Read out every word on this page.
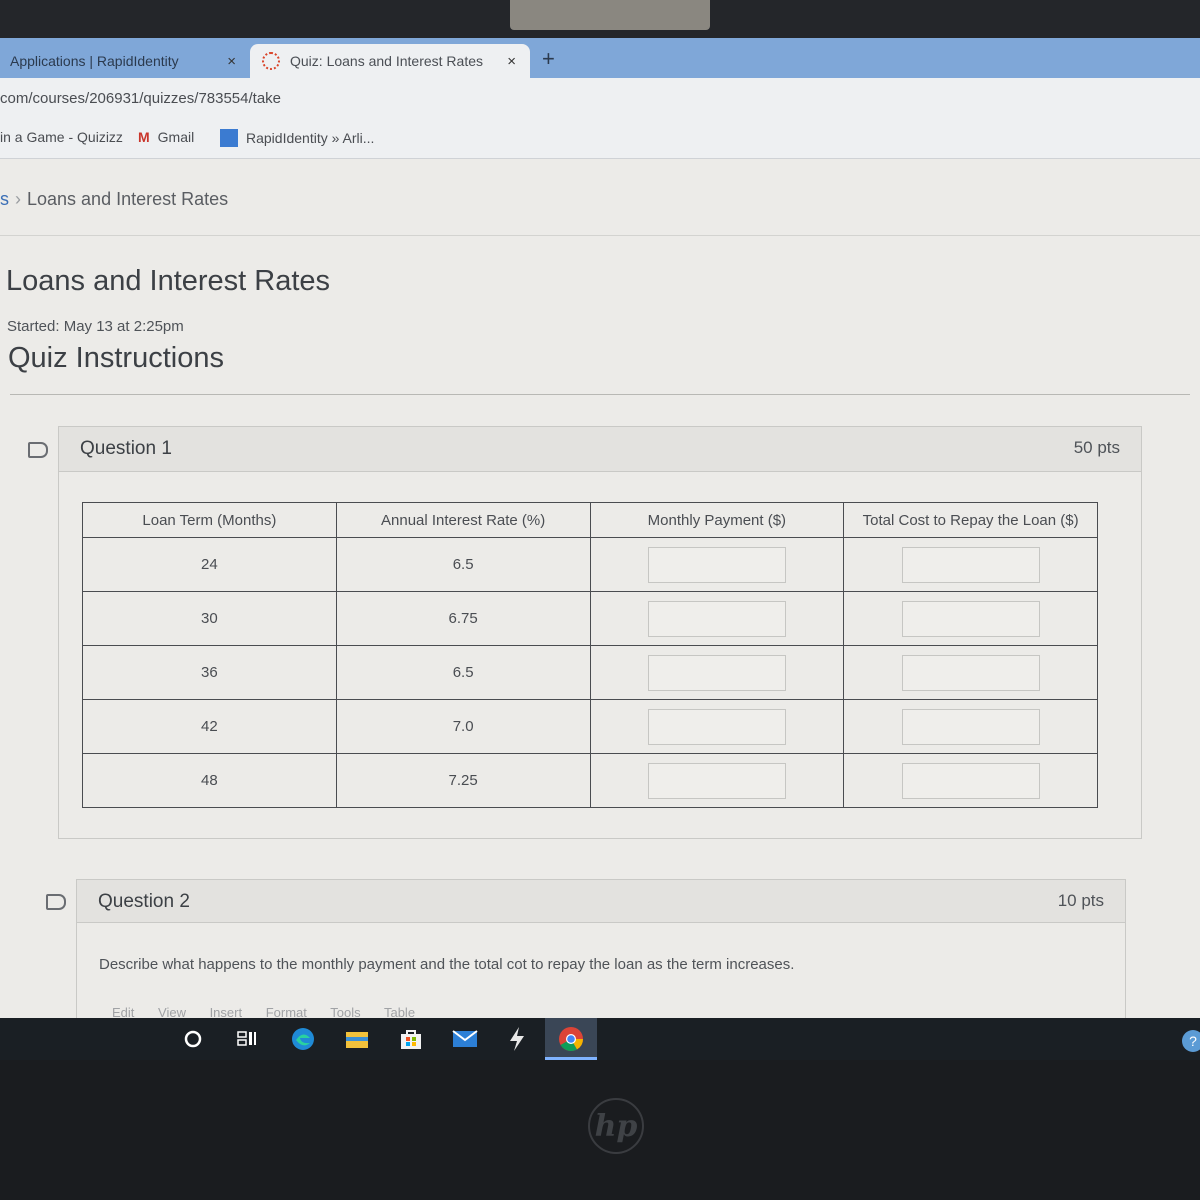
Applications | RapidIdentity	×	Quiz: Loans and Interest Rates × +
com/courses/206931/quizzes/783554/take
in a Game - Quizizz M Gmail	RapidIdentity » Arli...
s › Loans and Interest Rates
Loans and Interest Rates
Started: May 13 at 2:25pm
Quiz Instructions
Question 1	50 pts
Loan Term (Months)	Annual Interest Rate (%)	Monthly Payment ($)	Total Cost to Repay the Loan ($)
24	6.5	

30	6.75	

36	6.5	

42	7.0	

48	7.25	

Question 2	10 pts
Describe what happens to the monthly payment and the total cot to repay the loan as the term increases.
Edit View Insert Format Tools Table
?
hp
